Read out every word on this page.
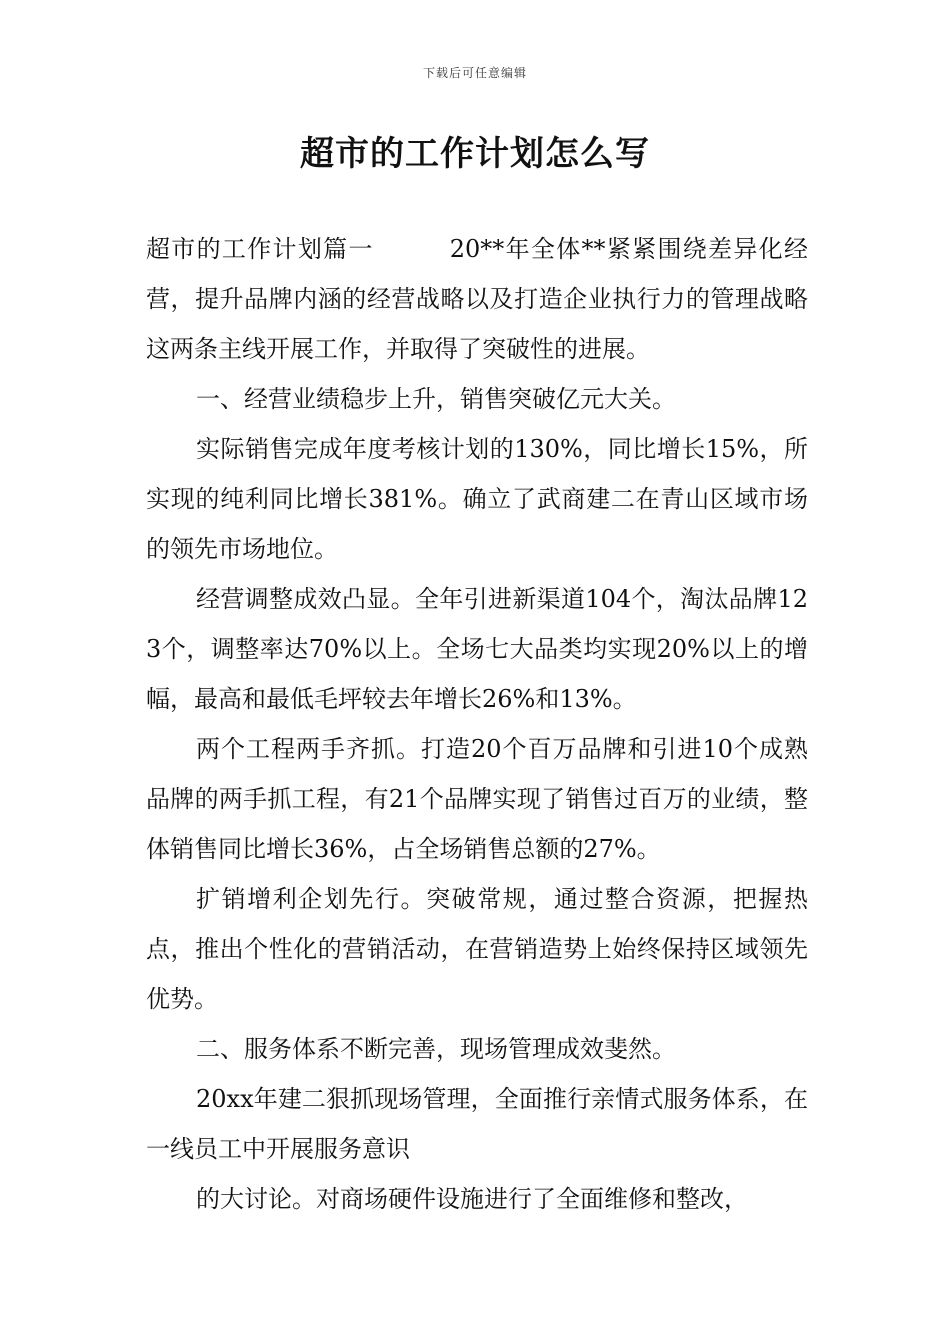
下载后可任意编辑
超市的工作计划怎么写

超市的工作计划篇一　　　20**年全体**紧紧围绕差异化经营，提升品牌内涵的经营战略以及打造企业执行力的管理战略这两条主线开展工作，并取得了突破性的进展。

一、经营业绩稳步上升，销售突破亿元大关。

实际销售完成年度考核计划的130%，同比增长15%，所实现的纯利同比增长381%。确立了武商建二在青山区域市场的领先市场地位。

经营调整成效凸显。全年引进新渠道104个，淘汰品牌123个，调整率达70%以上。全场七大品类均实现20%以上的增幅，最高和最低毛坪较去年增长26%和13%。

两个工程两手齐抓。打造20个百万品牌和引进10个成熟品牌的两手抓工程，有21个品牌实现了销售过百万的业绩，整体销售同比增长36%，占全场销售总额的27%。

扩销增利企划先行。突破常规，通过整合资源，把握热点，推出个性化的营销活动，在营销造势上始终保持区域领先优势。

二、服务体系不断完善，现场管理成效斐然。

20xx年建二狠抓现场管理，全面推行亲情式服务体系，在一线员工中开展服务意识

的大讨论。对商场硬件设施进行了全面维修和整改，
